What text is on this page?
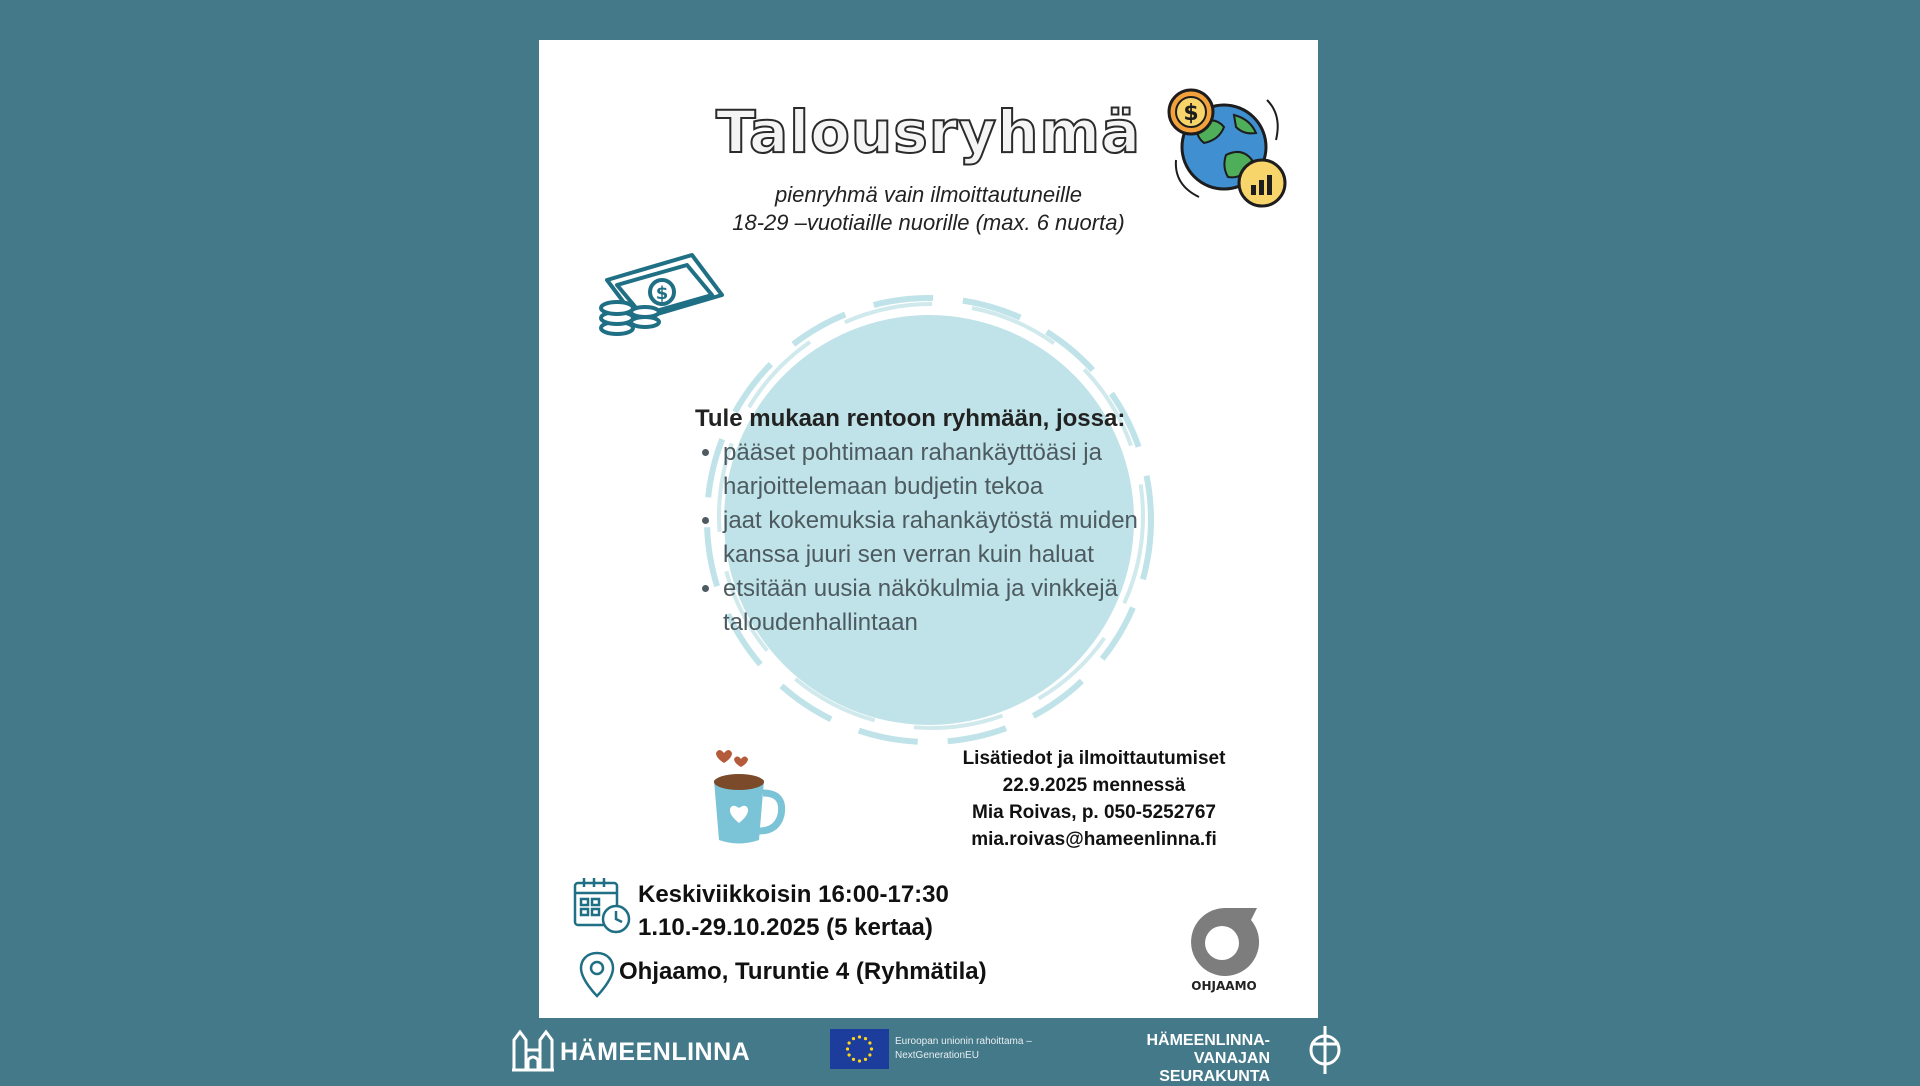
Talousryhmä
pienryhmä vain ilmoittautuneille
18-29 –vuotiaille nuorille (max. 6 nuorta)
$
$
Tule mukaan rentoon ryhmään, jossa:
• pääset pohtimaan rahankäyttöäsi ja harjoittelemaan budjetin tekoa
• jaat kokemuksia rahankäytöstä muiden kanssa juuri sen verran kuin haluat
• etsitään uusia näkökulmia ja vinkkejä taloudenhallintaan
Lisätiedot ja ilmoittautumiset
22.9.2025 mennessä
Mia Roivas, p. 050-5252767
mia.roivas@hameenlinna.fi
Keskiviikkoisin 16:00-17:30
1.10.-29.10.2025 (5 kertaa)
Ohjaamo, Turuntie 4 (Ryhmätila)
OHJAAMO
HÄMEENLINNA	Euroopan unionin rahoittama –
NextGenerationEU
HÄMEENLINNA-VANAJAN
SEURAKUNTA
